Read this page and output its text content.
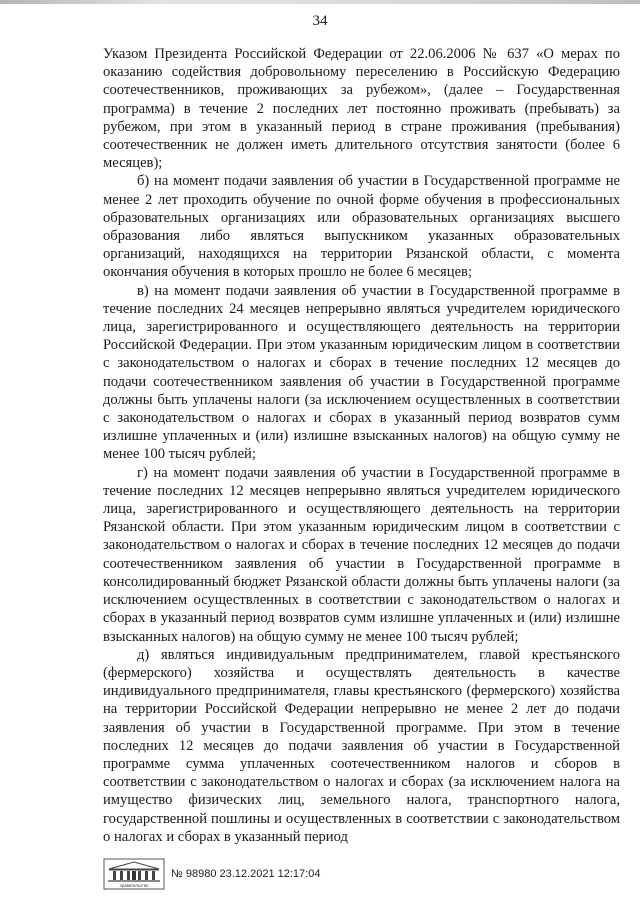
34

Указом Президента Российской Федерации от 22.06.2006 № 637 «О мерах по оказанию содействия добровольному переселению в Российскую Федерацию соотечественников, проживающих за рубежом», (далее – Государственная программа) в течение 2 последних лет постоянно проживать (пребывать) за рубежом, при этом в указанный период в стране проживания (пребывания) соотечественник не должен иметь длительного отсутствия занятости (более 6 месяцев);

б) на момент подачи заявления об участии в Государственной программе не менее 2 лет проходить обучение по очной форме обучения в профессиональных образовательных организациях или образовательных организациях высшего образования либо являться выпускником указанных образовательных организаций, находящихся на территории Рязанской области, с момента окончания обучения в которых прошло не более 6 месяцев;

в) на момент подачи заявления об участии в Государственной программе в течение последних 24 месяцев непрерывно являться учредителем юридического лица, зарегистрированного и осуществляющего деятельность на территории Российской Федерации. При этом указанным юридическим лицом в соответствии с законодательством о налогах и сборах в течение последних 12 месяцев до подачи соотечественником заявления об участии в Государственной программе должны быть уплачены налоги (за исключением осуществленных в соответствии с законодательством о налогах и сборах в указанный период возвратов сумм излишне уплаченных и (или) излишне взысканных налогов) на общую сумму не менее 100 тысяч рублей;

г) на момент подачи заявления об участии в Государственной программе в течение последних 12 месяцев непрерывно являться учредителем юридического лица, зарегистрированного и осуществляющего деятельность на территории Рязанской области. При этом указанным юридическим лицом в соответствии с законодательством о налогах и сборах в течение последних 12 месяцев до подачи соотечественником заявления об участии в Государственной программе в консолидированный бюджет Рязанской области должны быть уплачены налоги (за исключением осуществленных в соответствии с законодательством о налогах и сборах в указанный период возвратов сумм излишне уплаченных и (или) излишне взысканных налогов) на общую сумму не менее 100 тысяч рублей;

д) являться индивидуальным предпринимателем, главой крестьянского (фермерского) хозяйства и осуществлять деятельность в качестве индивидуального предпринимателя, главы крестьянского (фермерского) хозяйства на территории Российской Федерации непрерывно не менее 2 лет до подачи заявления об участии в Государственной программе. При этом в течение последних 12 месяцев до подачи заявления об участии в Государственной программе сумма уплаченных соотечественником налогов и сборов в соответствии с законодательством о налогах и сборах (за исключением налога на имущество физических лиц, земельного налога, транспортного налога, государственной пошлины и осуществленных в соответствии с законодательством о налогах и сборах в указанный период

правительство
№ 98980 23.12.2021 12:17:04
